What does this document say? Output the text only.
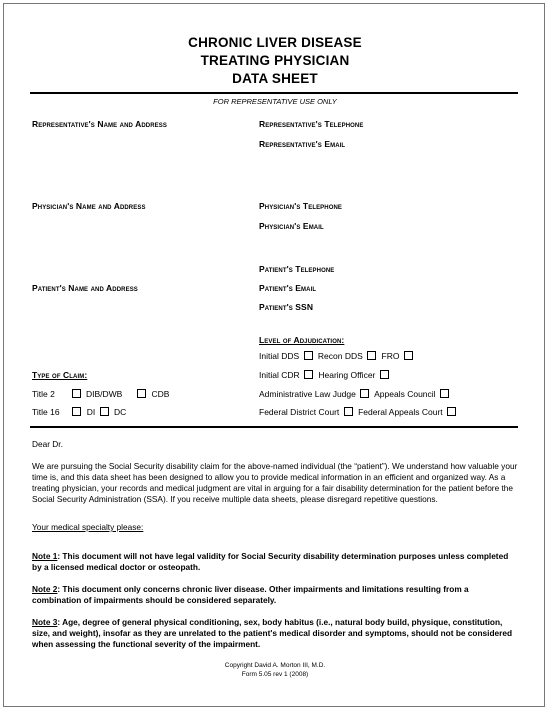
CHRONIC LIVER DISEASE
TREATING PHYSICIAN
DATA SHEET
FOR REPRESENTATIVE USE ONLY
Representative's Name and Address	Representative's Telephone
Representative's Email
Physician's Name and Address	Physician's Telephone
Physician's Email
Patient's Telephone
Patient's Name and Address	Patient's Email
Patient's SSN
Level of Adjudication:
Initial DDS Recon DDS FRO
Type of Claim:	Initial CDR Hearing Officer
Title 2	DIB/DWB	CDB	Administrative Law Judge Appeals Council
Title 16	DI DC	Federal District Court Federal Appeals Court
Dear Dr.
We are pursuing the Social Security disability claim for the above-named individual (the “patient”). We understand how valuable your time is, and this data sheet has been designed to allow you to provide medical information in an efficient and organized way. As a treating physician, your records and medical judgment are vital in arguing for a fair disability determination for the patient before the Social Security Administration (SSA). If you receive multiple data sheets, please disregard repetitive questions.
Your medical specialty please:
Note 1: This document will not have legal validity for Social Security disability determination purposes unless completed by a licensed medical doctor or osteopath.
Note 2: This document only concerns chronic liver disease. Other impairments and limitations resulting from a combination of impairments should be considered separately.
Note 3: Age, degree of general physical conditioning, sex, body habitus (i.e., natural body build, physique, constitution, size, and weight), insofar as they are unrelated to the patient's medical disorder and symptoms, should not be considered when assessing the functional severity of the impairment.
Copyright David A. Morton III, M.D.
Form 5.05 rev 1 (2008)
